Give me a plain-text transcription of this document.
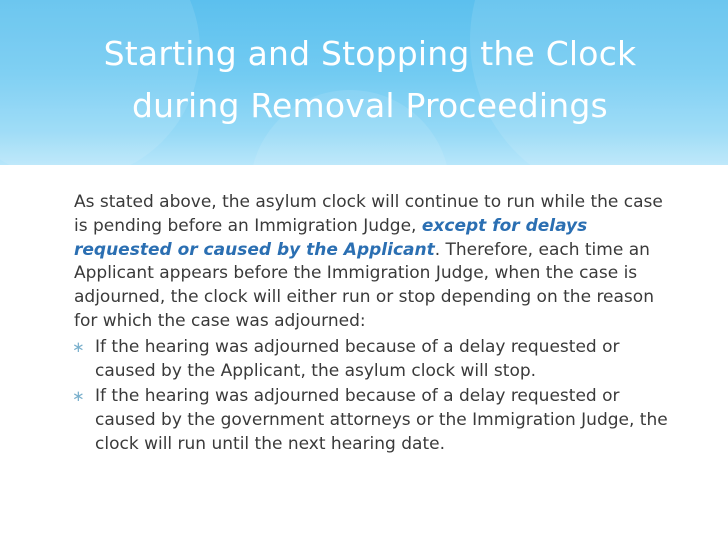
Starting and Stopping the Clock
during Removal Proceedings

As stated above, the asylum clock will continue to run while the case is pending before an Immigration Judge, except for delays requested or caused by the Applicant. Therefore, each time an Applicant appears before the Immigration Judge, when the case is adjourned, the clock will either run or stop depending on the reason for which the case was adjourned:

∗ If the hearing was adjourned because of a delay requested or caused by the Applicant, the asylum clock will stop.
∗ If the hearing was adjourned because of a delay requested or caused by the government attorneys or the Immigration Judge, the clock will run until the next hearing date.
